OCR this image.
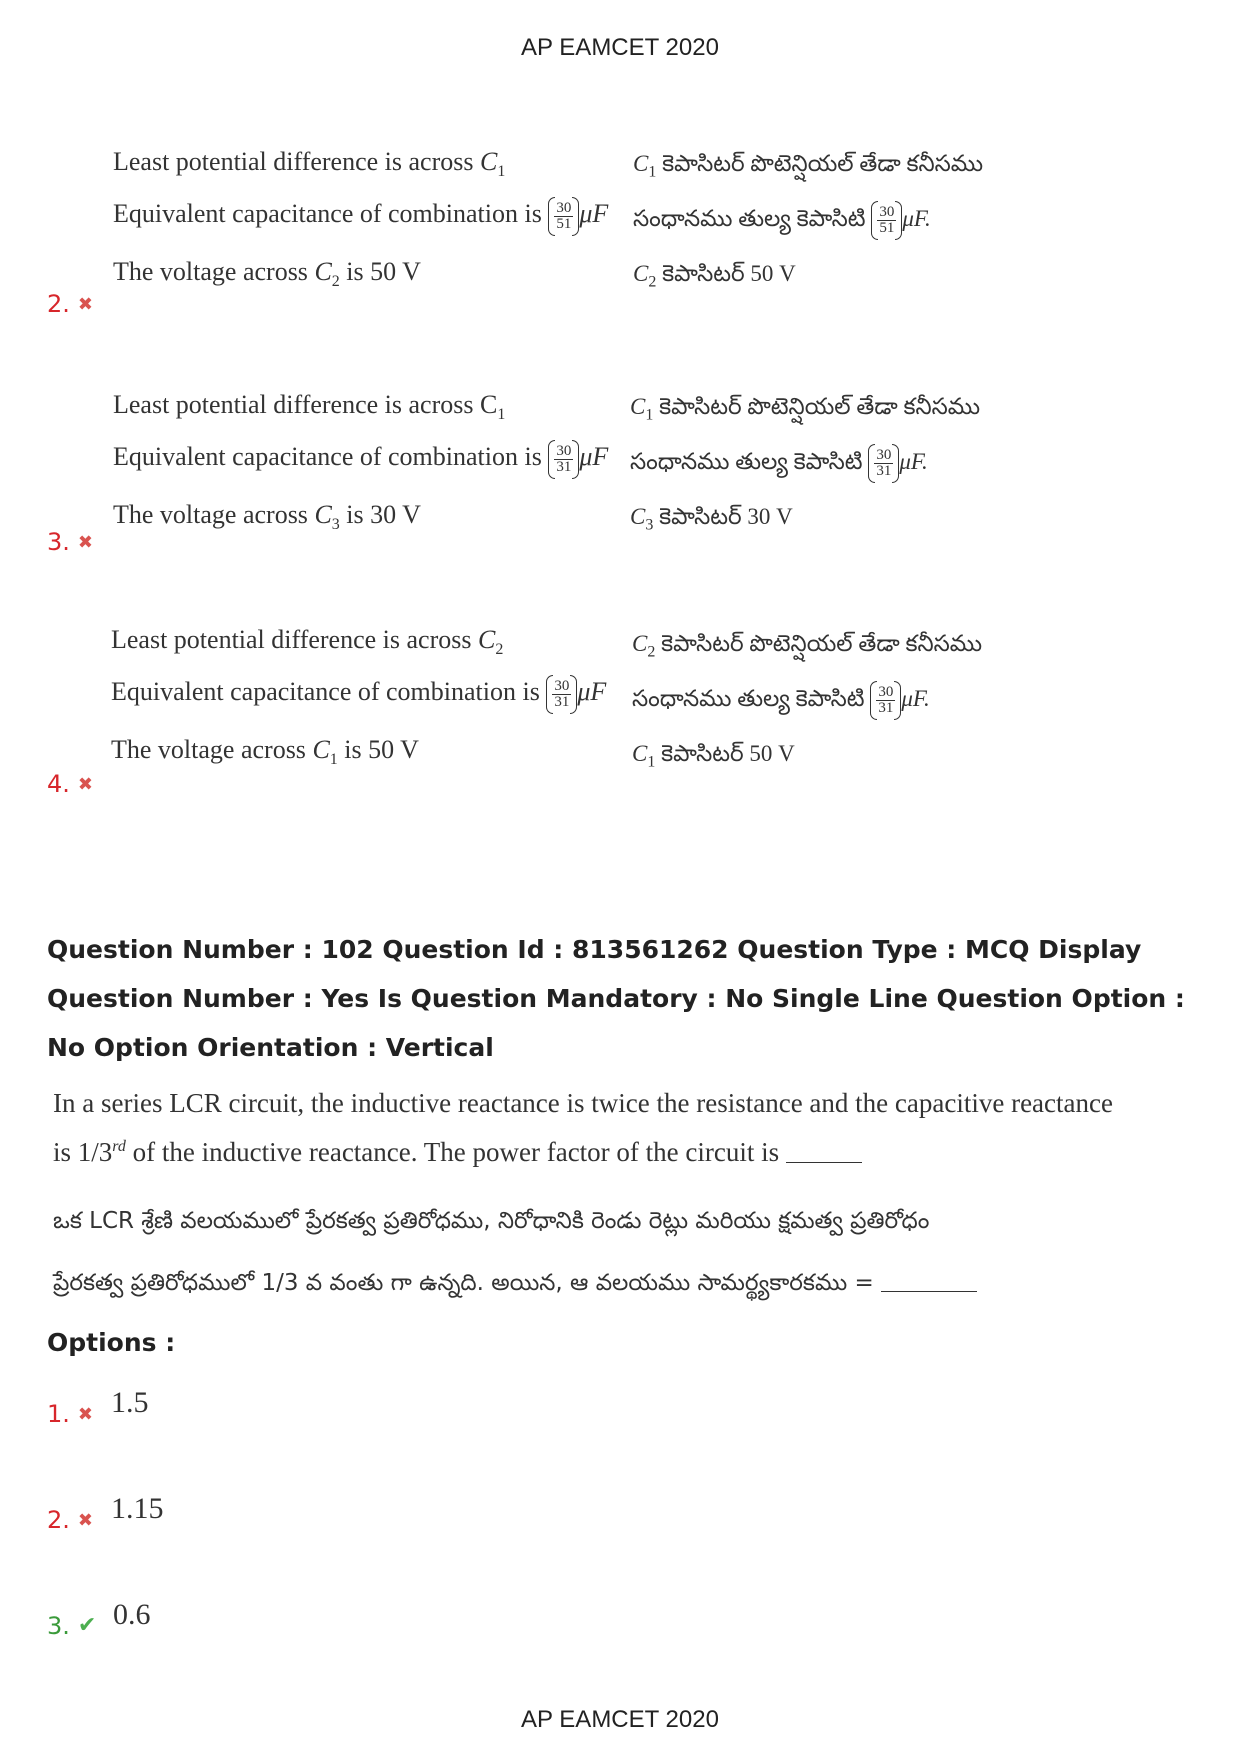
AP EAMCET 2020
2. ✖
Least potential difference is across $C_1$
Equivalent capacitance of combination is $\frac{30}{51}$ μF
The voltage across $C_2$ is 50 V
$C_1$ కెపాసిటర్ పొటెన్షియల్ తేడా కనీసము
సంధానము తుల్య కెపాసిటి $\frac{30}{51} \mu F$.
$C_2$ కెపాసిటర్ 50 V
3. ✖
Least potential difference is across $C_1$
Equivalent capacitance of combination is $\frac{30}{31}$ μF
The voltage across $C_3$ is 30 V
$C_1$ కెపాసిటర్ పొటెన్షియల్ తేడా కనీసము
సంధానము తుల్య కెపాసిటి $\frac{30}{31} \mu F$.
$C_3$ కెపాసిటర్ 30 V
4. ✖
Least potential difference is across $C_2$
Equivalent capacitance of combination is $\frac{30}{31}$ μF
The voltage across $C_1$ is 50 V
$C_2$ కెపాసిటర్ పొటెన్షియల్ తేడా కనీసము
సంధానము తుల్య కెపాసిటి $\frac{30}{31} \mu F$.
$C_1$ కెపాసిటర్ 50 V
Question Number : 102 Question Id : 813561262 Question Type : MCQ Display Question Number : Yes Is Question Mandatory : No Single Line Question Option : No Option Orientation : Vertical
In a series LCR circuit, the inductive reactance is twice the resistance and the capacitive reactance
is 1/3rd of the inductive reactance. The power factor of the circuit is
ఒక LCR శ్రేణి వలయములో ప్రేరకత్వ ప్రతిరోధము, నిరోధానికి రెండు రెట్లు మరియు క్షమత్వ ప్రతిరోధం
ప్రేరకత్వ ప్రతిరోధములో 1/3 వ వంతు గా ఉన్నది. అయిన, ఆ వలయము సామర్థ్యకారకము =
Options :
1. ✖ 1.5
2. ✖ 1.15
3. ✔ 0.6
AP EAMCET 2020
